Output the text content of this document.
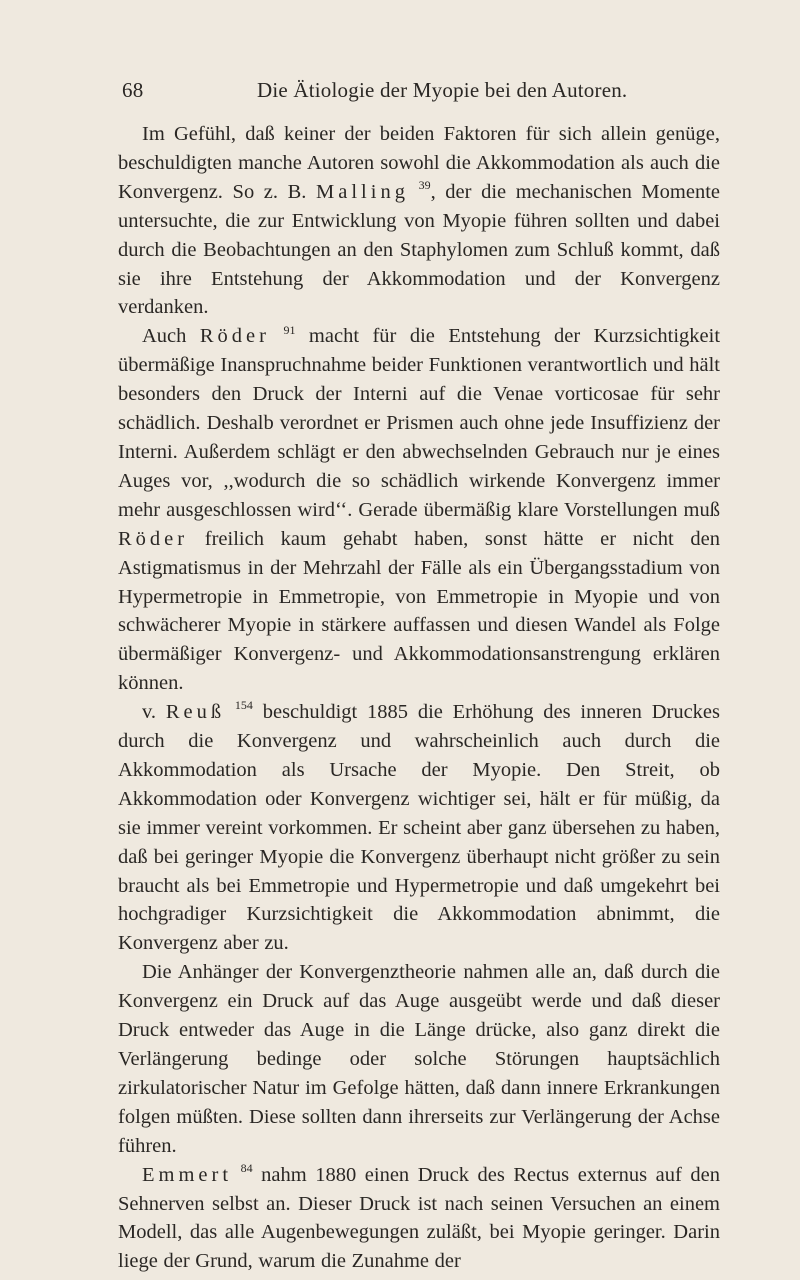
68	Die Ätiologie der Myopie bei den Autoren.

Im Gefühl, daß keiner der beiden Faktoren für sich allein genüge, beschuldigten manche Autoren sowohl die Akkommodation als auch die Konvergenz. So z. B. Malling $^{39}$, der die mechanischen Momente untersuchte, die zur Entwicklung von Myopie führen sollten und dabei durch die Beobachtungen an den Staphylomen zum Schluß kommt, daß sie ihre Entstehung der Akkommodation und der Konvergenz verdanken.

Auch Röder $^{91}$ macht für die Entstehung der Kurzsichtigkeit übermäßige Inanspruchnahme beider Funktionen verantwortlich und hält besonders den Druck der Interni auf die Venae vorticosae für sehr schädlich. Deshalb verordnet er Prismen auch ohne jede Insuffizienz der Interni. Außerdem schlägt er den abwechselnden Gebrauch nur je eines Auges vor, ,,wodurch die so schädlich wirkende Konvergenz immer mehr ausgeschlossen wird‘‘. Gerade übermäßig klare Vorstellungen muß Röder freilich kaum gehabt haben, sonst hätte er nicht den Astigmatismus in der Mehrzahl der Fälle als ein Übergangsstadium von Hypermetropie in Emmetropie, von Emmetropie in Myopie und von schwächerer Myopie in stärkere auffassen und diesen Wandel als Folge übermäßiger Konvergenz- und Akkommodationsanstrengung erklären können.

v. Reuß $^{154}$ beschuldigt 1885 die Erhöhung des inneren Druckes durch die Konvergenz und wahrscheinlich auch durch die Akkommodation als Ursache der Myopie. Den Streit, ob Akkommodation oder Konvergenz wichtiger sei, hält er für müßig, da sie immer vereint vorkommen. Er scheint aber ganz übersehen zu haben, daß bei geringer Myopie die Konvergenz überhaupt nicht größer zu sein braucht als bei Emmetropie und Hypermetropie und daß umgekehrt bei hochgradiger Kurzsichtigkeit die Akkommodation abnimmt, die Konvergenz aber zu.

Die Anhänger der Konvergenztheorie nahmen alle an, daß durch die Konvergenz ein Druck auf das Auge ausgeübt werde und daß dieser Druck entweder das Auge in die Länge drücke, also ganz direkt die Verlängerung bedinge oder solche Störungen hauptsächlich zirkulatorischer Natur im Gefolge hätten, daß dann innere Erkrankungen folgen müßten. Diese sollten dann ihrerseits zur Verlängerung der Achse führen.

Emmert $^{84}$ nahm 1880 einen Druck des Rectus externus auf den Sehnerven selbst an. Dieser Druck ist nach seinen Versuchen an einem Modell, das alle Augenbewegungen zuläßt, bei Myopie geringer. Darin liege der Grund, warum die Zunahme der
